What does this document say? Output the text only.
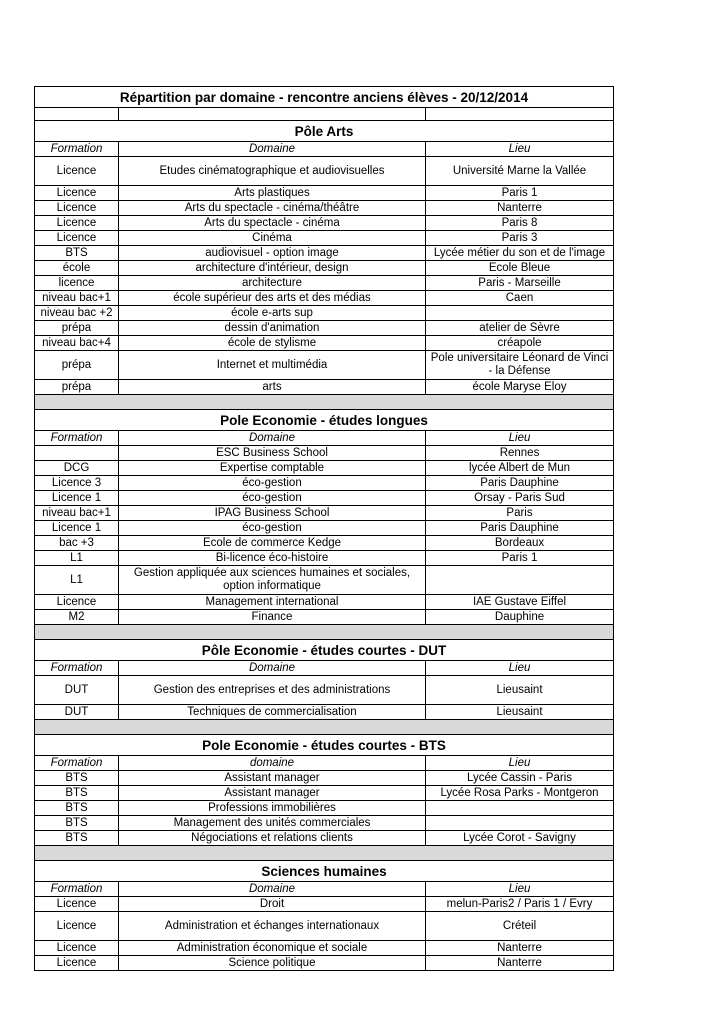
Répartition par domaine - rencontre anciens élèves - 20/12/2014		

Pôle Arts		
Formation	Domaine	Lieu
Licence	Etudes cinématographique et audiovisuelles	Université Marne la Vallée
Licence	Arts plastiques	Paris 1
Licence	Arts du spectacle - cinéma/théâtre	Nanterre
Licence	Arts du spectacle - cinéma	Paris 8
Licence	Cinéma	Paris 3
BTS	audiovisuel - option image	Lycée métier du son et de l'image
école	architecture d'intérieur, design	Ecole Bleue
licence	architecture	Paris - Marseille
niveau bac+1	école supérieur des arts et des médias	Caen
niveau bac +2	école e-arts sup	
prépa	dessin d'animation	atelier de Sèvre
niveau bac+4	école de stylisme	créapole
prépa	Internet et multimédia	Pole universitaire Léonard de Vinci - la Défense
prépa	arts	école Maryse Eloy

Pole Economie - études longues		
Formation	Domaine	Lieu
	ESC Business School	Rennes
DCG	Expertise comptable	lycée Albert de Mun
Licence 3	éco-gestion	Paris Dauphine
Licence 1	éco-gestion	Orsay - Paris Sud
niveau bac+1	IPAG Business School	Paris
Licence 1	éco-gestion	Paris Dauphine
bac +3	Ecole de commerce Kedge	Bordeaux
L1	Bi-licence éco-histoire	Paris 1
L1	Gestion appliquée aux sciences humaines et sociales, option informatique	
Licence	Management international	IAE Gustave Eiffel
M2	Finance	Dauphine

Pôle Economie - études courtes - DUT		
Formation	Domaine	Lieu
DUT	Gestion des entreprises et des administrations	Lieusaint
DUT	Techniques de commercialisation	Lieusaint

Pole Economie - études courtes - BTS		
Formation	domaine	Lieu
BTS	Assistant manager	Lycée Cassin - Paris
BTS	Assistant manager	Lycée Rosa Parks - Montgeron
BTS	Professions immobilières	
BTS	Management des unités commerciales	
BTS	Négociations et relations clients	Lycée Corot - Savigny

Sciences humaines		
Formation	Domaine	Lieu
Licence	Droit	melun-Paris2 / Paris 1 / Evry
Licence	Administration et échanges internationaux	Créteil
Licence	Administration économique et sociale	Nanterre
Licence	Science politique	Nanterre
